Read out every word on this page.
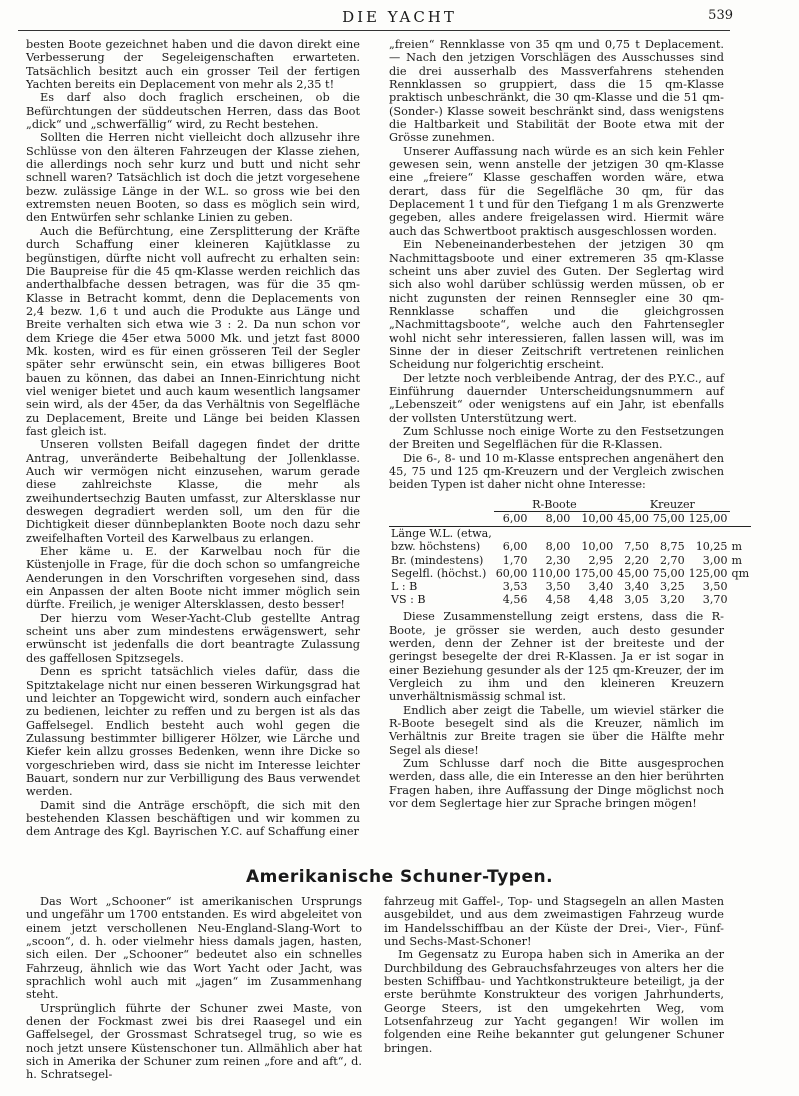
DIE YACHT	539

besten Boote gezeichnet haben und die davon direkt eine Verbesserung der Segeleigenschaften erwarteten. Tatsächlich besitzt auch ein grosser Teil der fertigen Yachten bereits ein Deplacement von mehr als 2,35 t!

Es darf also doch fraglich erscheinen, ob die Befürchtungen der süddeutschen Herren, dass das Boot „dick“ und „schwerfällig“ wird, zu Recht bestehen.

Sollten die Herren nicht vielleicht doch allzusehr ihre Schlüsse von den älteren Fahrzeugen der Klasse ziehen, die allerdings noch sehr kurz und butt und nicht sehr schnell waren? Tatsächlich ist doch die jetzt vorgesehene bezw. zulässige Länge in der W.L. so gross wie bei den extremsten neuen Booten, so dass es möglich sein wird, den Entwürfen sehr schlanke Linien zu geben.

Auch die Befürchtung, eine Zersplitterung der Kräfte durch Schaffung einer kleineren Kajütklasse zu begünstigen, dürfte nicht voll aufrecht zu erhalten sein: Die Baupreise für die 45 qm-Klasse werden reichlich das anderthalbfache dessen betragen, was für die 35 qm-Klasse in Betracht kommt, denn die Deplacements von 2,4 bezw. 1,6 t und auch die Produkte aus Länge und Breite verhalten sich etwa wie 3 : 2. Da nun schon vor dem Kriege die 45er etwa 5000 Mk. und jetzt fast 8000 Mk. kosten, wird es für einen grösseren Teil der Segler später sehr erwünscht sein, ein etwas billigeres Boot bauen zu können, das dabei an Innen-Einrichtung nicht viel weniger bietet und auch kaum wesentlich langsamer sein wird, als der 45er, da das Verhältnis von Segelfläche zu Deplacement, Breite und Länge bei beiden Klassen fast gleich ist.

Unseren vollsten Beifall dagegen findet der dritte Antrag, unveränderte Beibehaltung der Jollenklasse. Auch wir vermögen nicht einzusehen, warum gerade diese zahlreichste Klasse, die mehr als zweihundertsechzig Bauten umfasst, zur Altersklasse nur deswegen degradiert werden soll, um den für die Dichtigkeit dieser dünnbeplankten Boote noch dazu sehr zweifelhaften Vorteil des Karwelbaus zu erlangen.

Eher käme u. E. der Karwelbau noch für die Küstenjolle in Frage, für die doch schon so umfangreiche Aenderungen in den Vorschriften vorgesehen sind, dass ein Anpassen der alten Boote nicht immer möglich sein dürfte. Freilich, je weniger Altersklassen, desto besser!

Der hierzu vom Weser-Yacht-Club gestellte Antrag scheint uns aber zum mindestens erwägenswert, sehr erwünscht ist jedenfalls die dort beantragte Zulassung des gaffellosen Spitzsegels.

Denn es spricht tatsächlich vieles dafür, dass die Spitztakelage nicht nur einen besseren Wirkungsgrad hat und leichter an Topgewicht wird, sondern auch einfacher zu bedienen, leichter zu reffen und zu bergen ist als das Gaffelsegel. Endlich besteht auch wohl gegen die Zulassung bestimmter billigerer Hölzer, wie Lärche und Kiefer kein allzu grosses Bedenken, wenn ihre Dicke so vorgeschrieben wird, dass sie nicht im Interesse leichter Bauart, sondern nur zur Verbilligung des Baus verwendet werden.

Damit sind die Anträge erschöpft, die sich mit den bestehenden Klassen beschäftigen und wir kommen zu dem Antrage des Kgl. Bayrischen Y.C. auf Schaffung einer

„freien“ Rennklasse von 35 qm und 0,75 t Deplacement. — Nach den jetzigen Vorschlägen des Ausschusses sind die drei ausserhalb des Massverfahrens stehenden Rennklassen so gruppiert, dass die 15 qm-Klasse praktisch unbeschränkt, die 30 qm-Klasse und die 51 qm-(Sonder-) Klasse soweit beschränkt sind, dass wenigstens die Haltbarkeit und Stabilität der Boote etwa mit der Grösse zunehmen.

Unserer Auffassung nach würde es an sich kein Fehler gewesen sein, wenn anstelle der jetzigen 30 qm-Klasse eine „freiere“ Klasse geschaffen worden wäre, etwa derart, dass für die Segelfläche 30 qm, für das Deplacement 1 t und für den Tiefgang 1 m als Grenzwerte gegeben, alles andere freigelassen wird. Hiermit wäre auch das Schwertboot praktisch ausgeschlossen worden.

Ein Nebeneinanderbestehen der jetzigen 30 qm Nachmittagsboote und einer extremeren 35 qm-Klasse scheint uns aber zuviel des Guten. Der Seglertag wird sich also wohl darüber schlüssig werden müssen, ob er nicht zugunsten der reinen Rennsegler eine 30 qm-Rennklasse schaffen und die gleichgrossen „Nachmittagsboote“, welche auch den Fahrtensegler wohl nicht sehr interessieren, fallen lassen will, was im Sinne der in dieser Zeitschrift vertretenen reinlichen Scheidung nur folgerichtig erscheint.

Der letzte noch verbleibende Antrag, der des P.Y.C., auf Einführung dauernder Unterscheidungsnummern auf „Lebenszeit“ oder wenigstens auf ein Jahr, ist ebenfalls der vollsten Unterstützung wert.

Zum Schlusse noch einige Worte zu den Festsetzungen der Breiten und Segelflächen für die R-Klassen.

Die 6-, 8- und 10 m-Klasse entsprechen angenähert den 45, 75 und 125 qm-Kreuzern und der Vergleich zwischen beiden Typen ist daher nicht ohne Interesse:

	R-Boote			Kreuzer			
	6,00	8,00	10,00	45,00	75,00	125,00	
Länge W.L. (etwa,							
bzw. höchstens)	6,00	8,00	10,00	7,50	8,75	10,25	m
Br. (mindestens)	1,70	2,30	2,95	2,20	2,70	3,00	m
Segelfl. (höchst.)	60,00	110,00	175,00	45,00	75,00	125,00	qm
L : B	3,53	3,50	3,40	3,40	3,25	3,50	
VS : B	4,56	4,58	4,48	3,05	3,20	3,70	

Diese Zusammenstellung zeigt erstens, dass die R-Boote, je grösser sie werden, auch desto gesunder werden, denn der Zehner ist der breiteste und der geringst besegelte der drei R-Klassen. Ja er ist sogar in einer Beziehung gesunder als der 125 qm-Kreuzer, der im Vergleich zu ihm und den kleineren Kreuzern unverhältnismässig schmal ist.

Endlich aber zeigt die Tabelle, um wieviel stärker die R-Boote besegelt sind als die Kreuzer, nämlich im Verhältnis zur Breite tragen sie über die Hälfte mehr Segel als diese!

Zum Schlusse darf noch die Bitte ausgesprochen werden, dass alle, die ein Interesse an den hier berührten Fragen haben, ihre Auffassung der Dinge möglichst noch vor dem Seglertage hier zur Sprache bringen mögen!

Amerikanische Schuner-Typen.

Das Wort „Schooner“ ist amerikanischen Ursprungs und ungefähr um 1700 entstanden. Es wird abgeleitet von einem jetzt verschollenen Neu-England-Slang-Wort to „scoon“, d. h. oder vielmehr hiess damals jagen, hasten, sich eilen. Der „Schooner“ bedeutet also ein schnelles Fahrzeug, ähnlich wie das Wort Yacht oder Jacht, was sprachlich wohl auch mit „jagen“ im Zusammenhang steht.

Ursprünglich führte der Schuner zwei Maste, von denen der Fockmast zwei bis drei Raasegel und ein Gaffelsegel, der Grossmast Schratsegel trug, so wie es noch jetzt unsere Küstenschoner tun. Allmählich aber hat sich in Amerika der Schuner zum reinen „fore and aft“, d. h. Schratsegel-

fahrzeug mit Gaffel-, Top- und Stagsegeln an allen Masten ausgebildet, und aus dem zweimastigen Fahrzeug wurde im Handelsschiffbau an der Küste der Drei-, Vier-, Fünf- und Sechs-Mast-Schoner!

Im Gegensatz zu Europa haben sich in Amerika an der Durchbildung des Gebrauchsfahrzeuges von alters her die besten Schiffbau- und Yachtkonstrukteure beteiligt, ja der erste berühmte Konstrukteur des vorigen Jahrhunderts, George Steers, ist den umgekehrten Weg, vom Lotsenfahrzeug zur Yacht gegangen! Wir wollen im folgenden eine Reihe bekannter gut gelungener Schuner bringen.
